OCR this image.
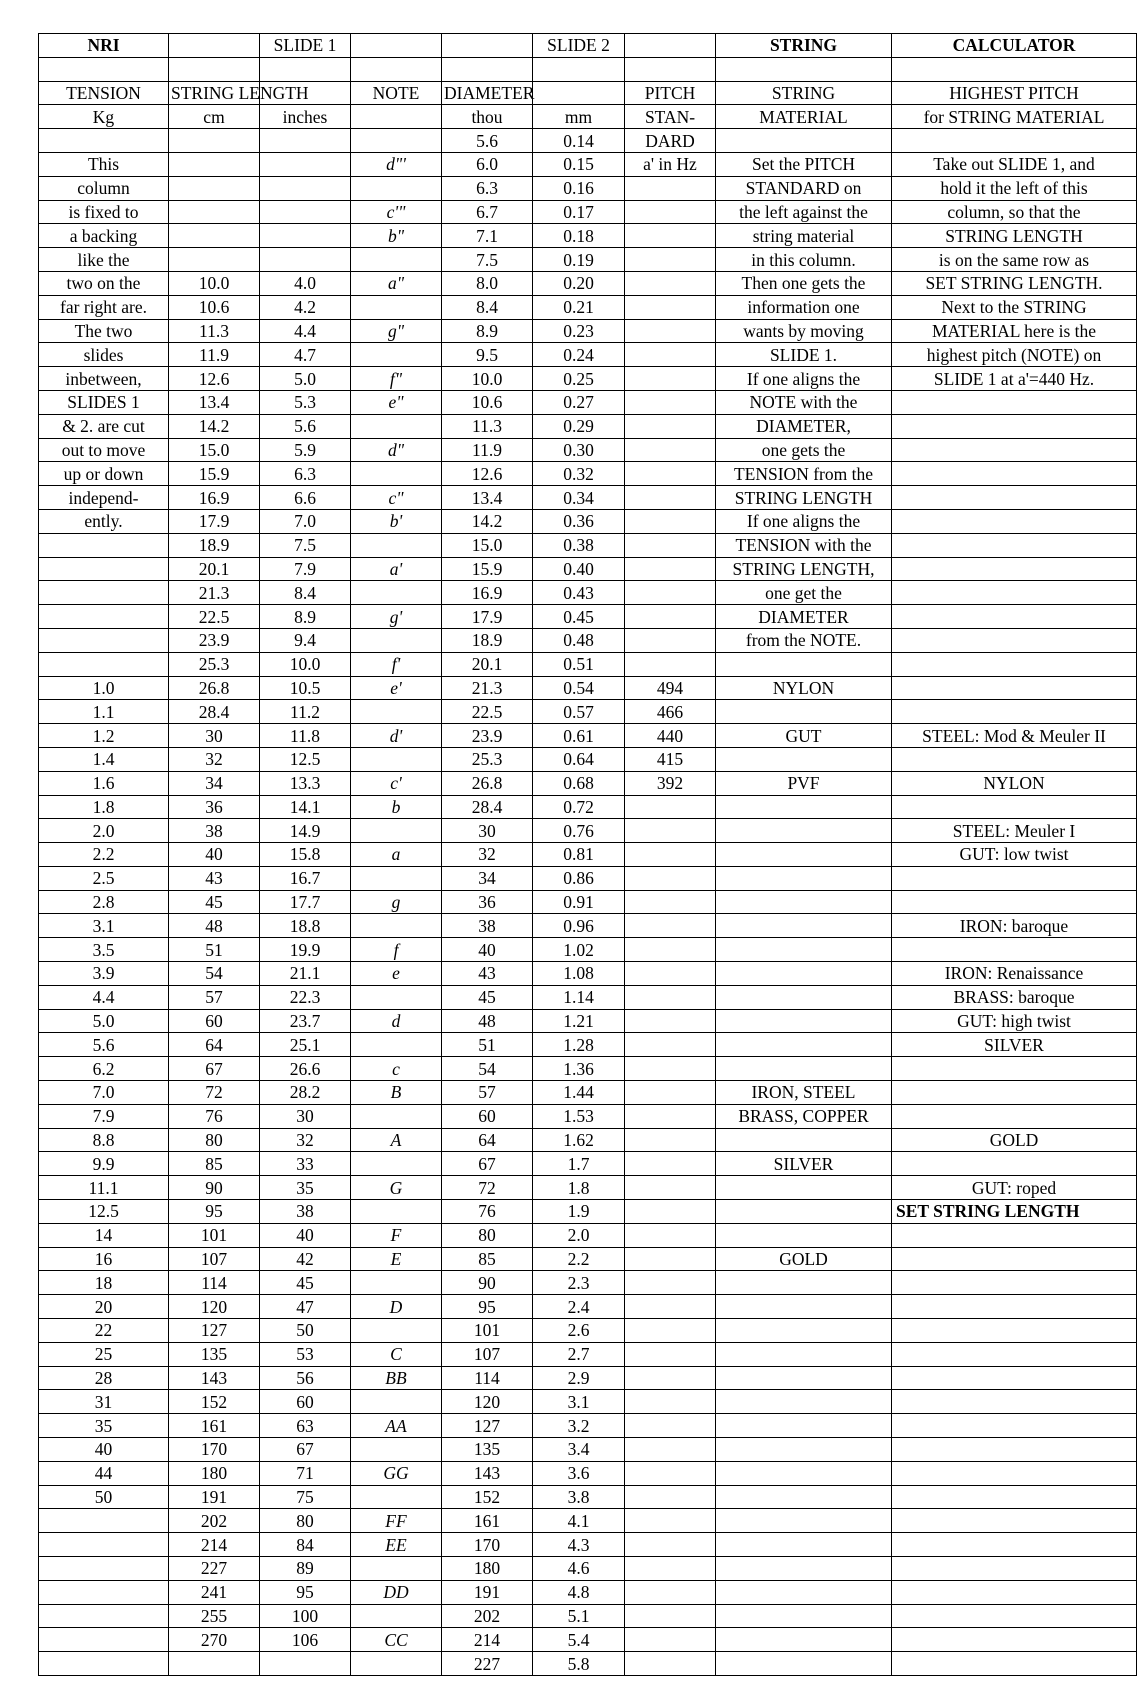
NRI		SLIDE 1			SLIDE 2		STRING	CALCULATOR

TENSION	STRING LENGTH		NOTE	DIAMETER		PITCH	STRING	HIGHEST PITCH
Kg	cm	inches		thou	mm	STAN-	MATERIAL	for STRING MATERIAL
				5.6	0.14	DARD		
This			d"'	6.0	0.15	a' in Hz	Set the PITCH	Take out SLIDE 1, and
column				6.3	0.16		STANDARD on	hold it the left of this
is fixed to			c'"	6.7	0.17		the left against the	column, so that the
a backing			b"	7.1	0.18		string material	STRING LENGTH
like the				7.5	0.19		in this column.	is on the same row as
two on the	10.0	4.0	a"	8.0	0.20		Then one gets the	SET STRING LENGTH.
far right are.	10.6	4.2		8.4	0.21		information one	Next to the STRING
The two	11.3	4.4	g"	8.9	0.23		wants by moving	MATERIAL here is the
slides	11.9	4.7		9.5	0.24		SLIDE 1.	highest pitch (NOTE) on
inbetween,	12.6	5.0	f"	10.0	0.25		If one aligns the	SLIDE 1 at a'=440 Hz.
SLIDES 1	13.4	5.3	e"	10.6	0.27		NOTE with the	
& 2. are cut	14.2	5.6		11.3	0.29		DIAMETER,	
out to move	15.0	5.9	d"	11.9	0.30		one gets the	
up or down	15.9	6.3		12.6	0.32		TENSION from the	
independ-	16.9	6.6	c"	13.4	0.34		STRING LENGTH	
ently.	17.9	7.0	b'	14.2	0.36		If one aligns the	
	18.9	7.5		15.0	0.38		TENSION with the	
	20.1	7.9	a'	15.9	0.40		STRING LENGTH,	
	21.3	8.4		16.9	0.43		one get the	
	22.5	8.9	g'	17.9	0.45		DIAMETER	
	23.9	9.4		18.9	0.48		from the NOTE.	
	25.3	10.0	f'	20.1	0.51			
1.0	26.8	10.5	e'	21.3	0.54	494	NYLON	
1.1	28.4	11.2		22.5	0.57	466		
1.2	30	11.8	d'	23.9	0.61	440	GUT	STEEL: Mod & Meuler II
1.4	32	12.5		25.3	0.64	415		
1.6	34	13.3	c'	26.8	0.68	392	PVF	NYLON
1.8	36	14.1	b	28.4	0.72			
2.0	38	14.9		30	0.76			STEEL: Meuler I
2.2	40	15.8	a	32	0.81			GUT: low twist
2.5	43	16.7		34	0.86			
2.8	45	17.7	g	36	0.91			
3.1	48	18.8		38	0.96			IRON: baroque
3.5	51	19.9	f	40	1.02			
3.9	54	21.1	e	43	1.08			IRON: Renaissance
4.4	57	22.3		45	1.14			BRASS: baroque
5.0	60	23.7	d	48	1.21			GUT: high twist
5.6	64	25.1		51	1.28			SILVER
6.2	67	26.6	c	54	1.36			
7.0	72	28.2	B	57	1.44		IRON, STEEL	
7.9	76	30		60	1.53		BRASS, COPPER	
8.8	80	32	A	64	1.62			GOLD
9.9	85	33		67	1.7		SILVER	
11.1	90	35	G	72	1.8			GUT: roped
12.5	95	38		76	1.9			SET STRING LENGTH
14	101	40	F	80	2.0			
16	107	42	E	85	2.2		GOLD	
18	114	45		90	2.3			
20	120	47	D	95	2.4			
22	127	50		101	2.6			
25	135	53	C	107	2.7			
28	143	56	BB	114	2.9			
31	152	60		120	3.1			
35	161	63	AA	127	3.2			
40	170	67		135	3.4			
44	180	71	GG	143	3.6			
50	191	75		152	3.8			
	202	80	FF	161	4.1			
	214	84	EE	170	4.3			
	227	89		180	4.6			
	241	95	DD	191	4.8			
	255	100		202	5.1			
	270	106	CC	214	5.4			
				227	5.8			
